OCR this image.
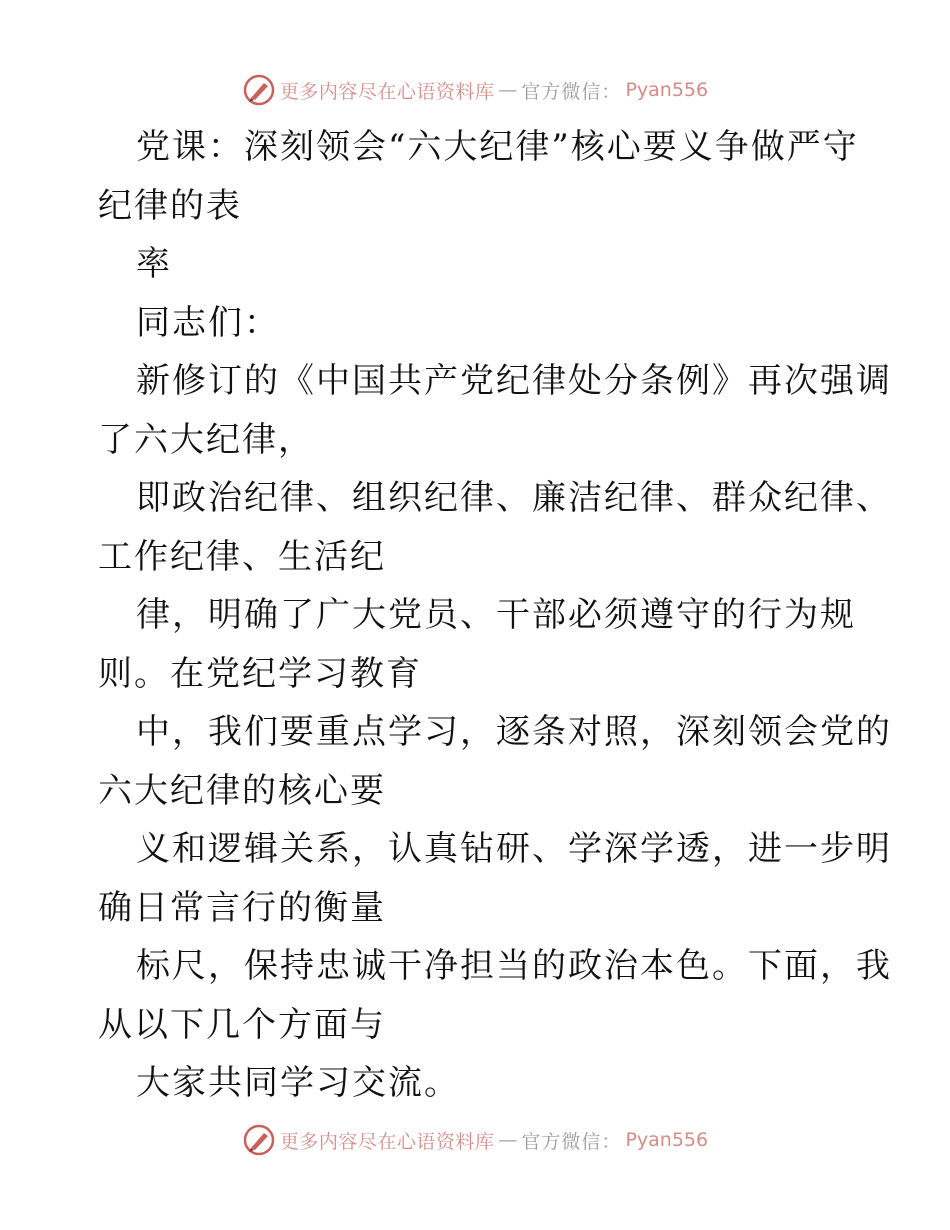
更多内容尽在心语资料库 — 官方微信： Pyan556
党课：深刻领会“六大纪律”核心要义争做严守
纪律的表
率
同志们：
新修订的《中国共产党纪律处分条例》再次强调
了六大纪律，
即政治纪律、组织纪律、廉洁纪律、群众纪律、
工作纪律、生活纪
律，明确了广大党员、干部必须遵守的行为规
则。在党纪学习教育
中，我们要重点学习，逐条对照，深刻领会党的
六大纪律的核心要
义和逻辑关系，认真钻研、学深学透，进一步明
确日常言行的衡量
标尺，保持忠诚干净担当的政治本色。下面，我
从以下几个方面与
大家共同学习交流。
更多内容尽在心语资料库 — 官方微信： Pyan556
